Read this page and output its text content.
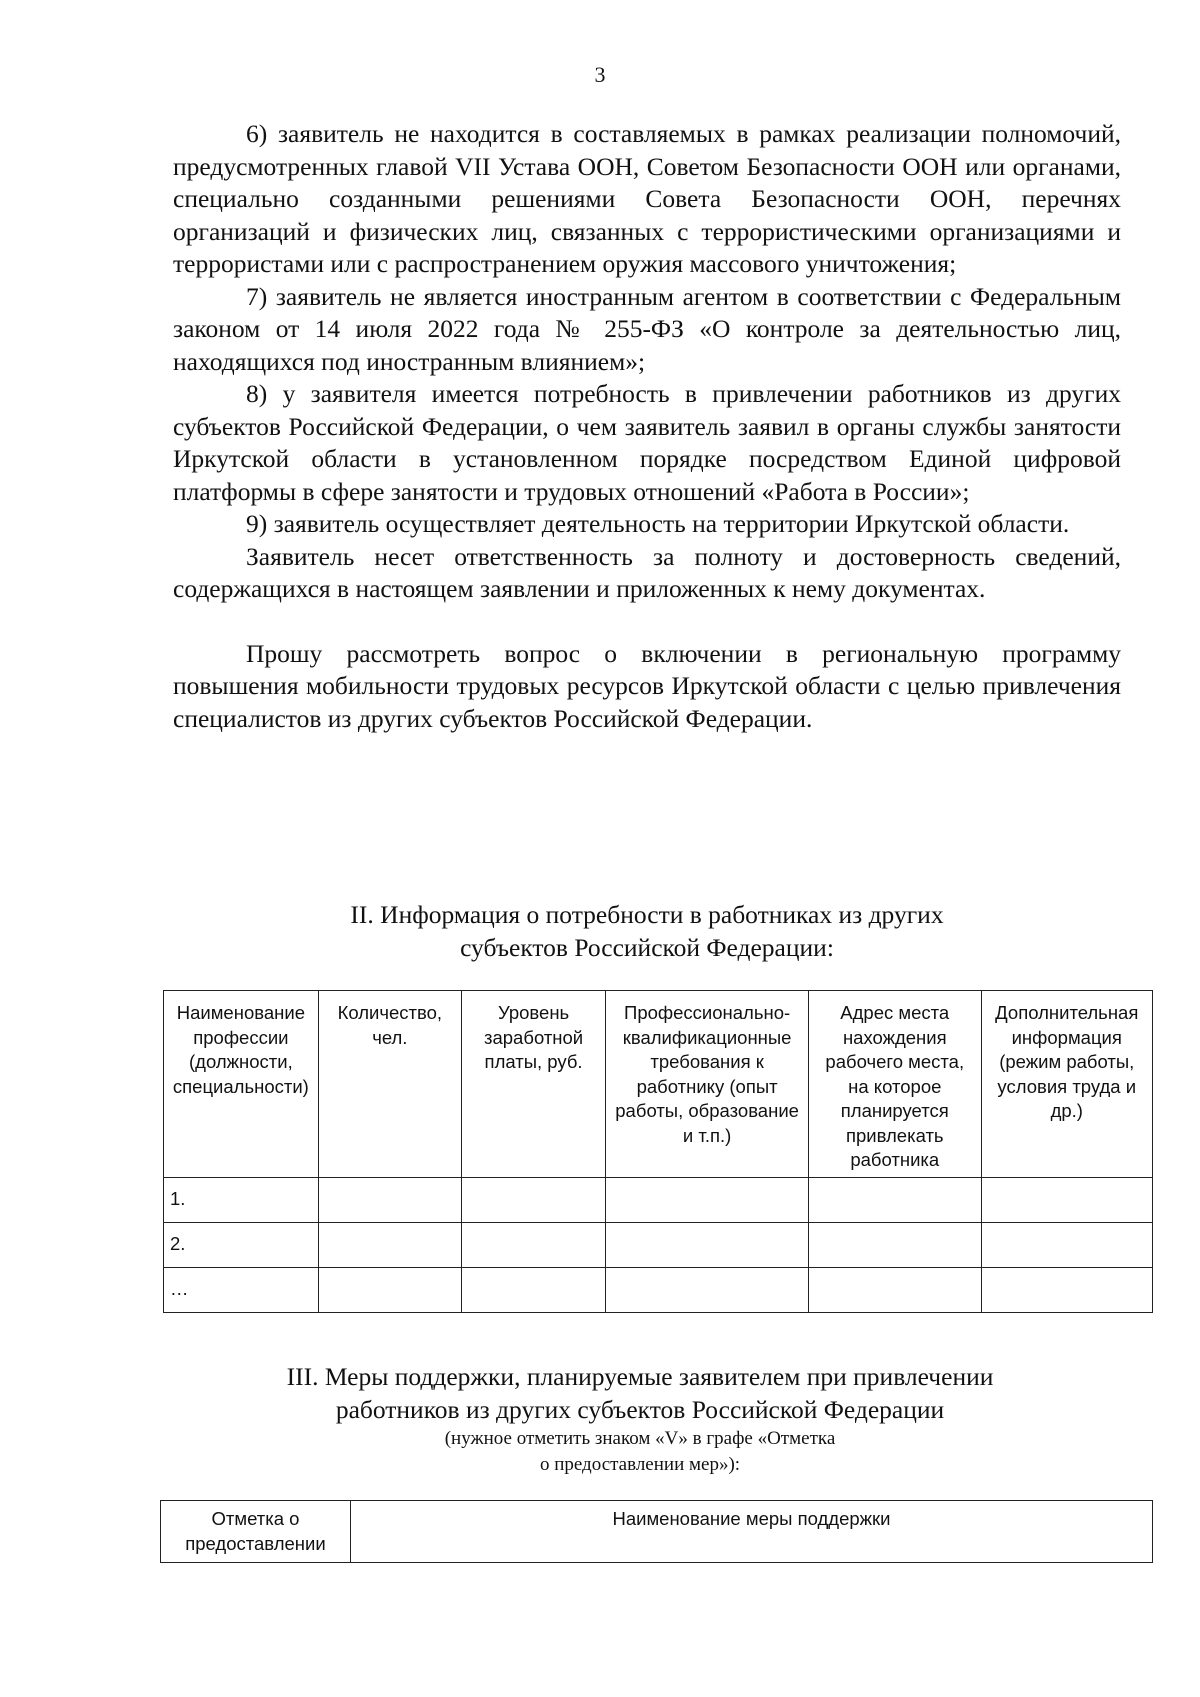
3

6) заявитель не находится в составляемых в рамках реализации полномочий, предусмотренных главой VII Устава ООН, Советом Безопасности ООН или органами, специально созданными решениями Совета Безопасности ООН, перечнях организаций и физических лиц, связанных с террористическими организациями и террористами или с распространением оружия массового уничтожения;

7) заявитель не является иностранным агентом в соответствии с Федеральным законом от 14 июля 2022 года № 255-ФЗ «О контроле за деятельностью лиц, находящихся под иностранным влиянием»;

8) у заявителя имеется потребность в привлечении работников из других субъектов Российской Федерации, о чем заявитель заявил в органы службы занятости Иркутской области в установленном порядке посредством Единой цифровой платформы в сфере занятости и трудовых отношений «Работа в России»;

9) заявитель осуществляет деятельность на территории Иркутской области.

Заявитель несет ответственность за полноту и достоверность сведений, содержащихся в настоящем заявлении и приложенных к нему документах.

Прошу рассмотреть вопрос о включении в региональную программу повышения мобильности трудовых ресурсов Иркутской области с целью привлечения специалистов из других субъектов Российской Федерации.

II. Информация о потребности в работниках из других
субъектов Российской Федерации:
Наименование профессии (должности, специальности)	Количество, чел.	Уровень заработной платы, руб.	Профессионально-квалификационные требования к работнику (опыт работы, образование и т.п.)	Адрес места нахождения рабочего места, на которое планируется привлекать работника	Дополнительная информация (режим работы, условия труда и др.)
1.					
2.					
…					
III. Меры поддержки, планируемые заявителем при привлечении
работников из других субъектов Российской Федерации
(нужное отметить знаком «V» в графе «Отметка
о предоставлении мер»):
Отметка о предоставлении	Наименование меры поддержки
